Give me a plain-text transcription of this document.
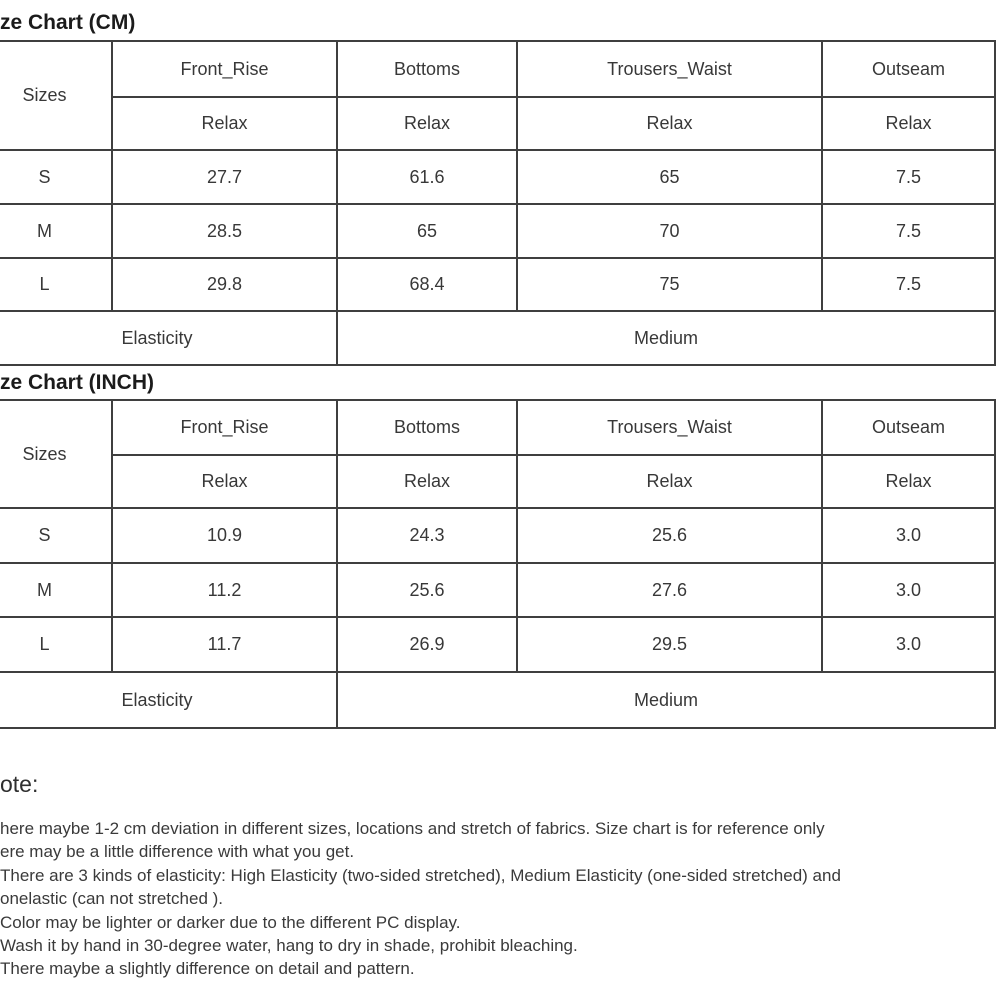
ze Chart (CM)
Sizes	Front_Rise	Bottoms	Trousers_Waist	Outseam
	Relax	Relax	Relax	Relax
S	27.7	61.6	65	7.5
M	28.5	65	70	7.5
L	29.8	68.4	75	7.5
Elasticity		Medium		
ze Chart (INCH)
Sizes	Front_Rise	Bottoms	Trousers_Waist	Outseam
	Relax	Relax	Relax	Relax
S	10.9	24.3	25.6	3.0
M	11.2	25.6	27.6	3.0
L	11.7	26.9	29.5	3.0
Elasticity		Medium		
ote:
here maybe 1-2 cm deviation in different sizes, locations and stretch of fabrics. Size chart is for reference only
ere may be a little difference with what you get.
There are 3 kinds of elasticity: High Elasticity (two-sided stretched), Medium Elasticity (one-sided stretched) and
onelastic (can not stretched ).
Color may be lighter or darker due to the different PC display.
Wash it by hand in 30-degree water, hang to dry in shade, prohibit bleaching.
There maybe a slightly difference on detail and pattern.
